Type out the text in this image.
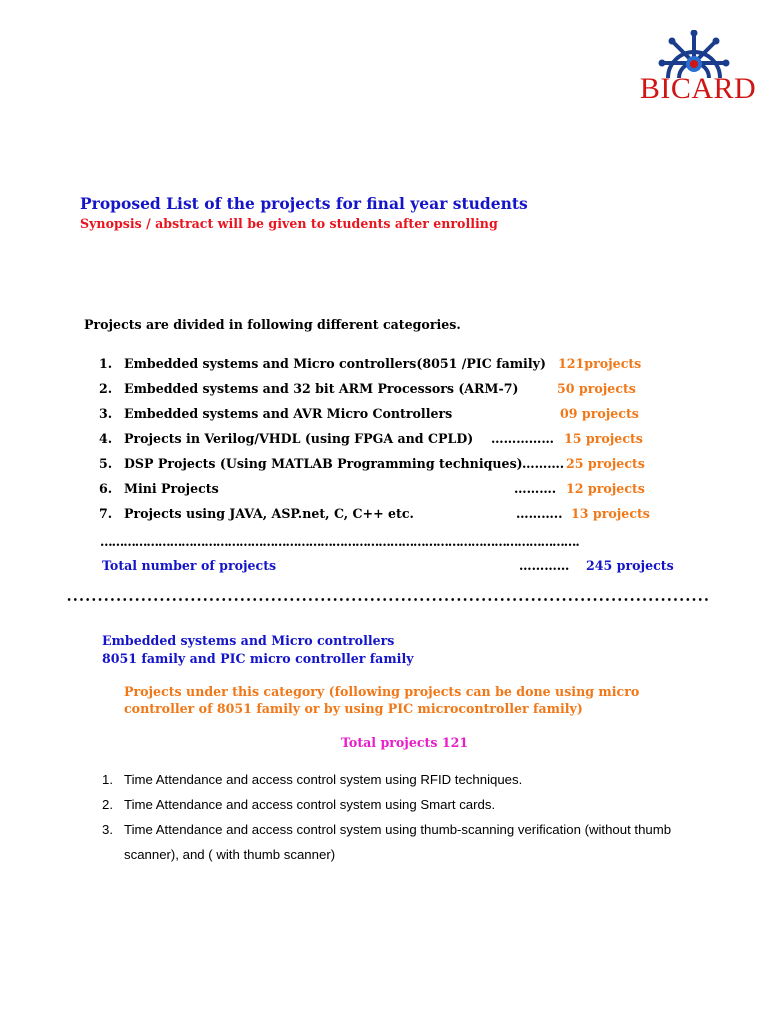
BICARD
Proposed List of the projects for final year students
Synopsis / abstract will be given to students after enrolling
Projects are divided in following different categories.
1. Embedded systems and Micro controllers(8051 /PIC family) 121projects
2. Embedded systems and 32 bit ARM Processors (ARM-7)	50 projects
3. Embedded systems and AVR Micro Controllers	09 projects
4. Projects in Verilog/VHDL (using FPGA and CPLD) …………… 15 projects
5. DSP Projects (Using MATLAB Programming techniques) ………. 25 projects
6. Mini Projects	………. 12 projects
7. Projects using JAVA, ASP.net, C, C++ etc.	……….. 13 projects
…………………………………………………………………………………………………………….
Total number of projects	………… 245 projects
Embedded systems and Micro controllers
8051 family and PIC micro controller family
Projects under this category (following projects can be done using micro
controller of 8051 family or by using PIC microcontroller family)
Total projects 121
1. Time Attendance and access control system using RFID techniques.
2. Time Attendance and access control system using Smart cards.
3. Time Attendance and access control system using thumb-scanning verification (without thumb scanner), and ( with thumb scanner)
